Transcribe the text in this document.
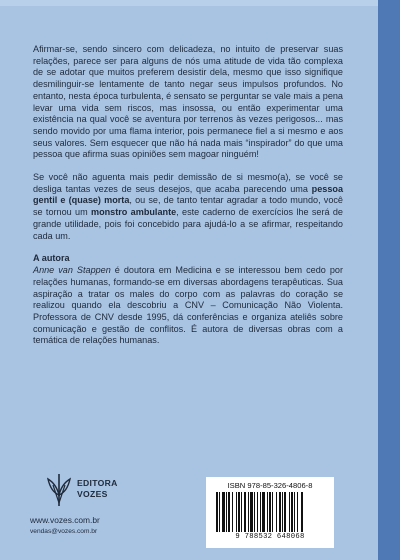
Afirmar-se, sendo sincero com delicadeza, no intuito de preservar suas relações, parece ser para alguns de nós uma atitude de vida tão complexa de se adotar que muitos preferem desistir dela, mesmo que isso signifique desmilinguir-se lentamente de tanto negar seus impulsos profundos. No entanto, nesta época turbulenta, é sensato se perguntar se vale mais a pena levar uma vida sem riscos, mas insossa, ou então experimentar uma existência na qual você se aventura por terrenos às vezes perigosos... mas sendo movido por uma flama interior, pois permanece fiel a si mesmo e aos seus valores. Sem esquecer que não há nada mais “inspirador” do que uma pessoa que afirma suas opiniões sem magoar ninguém!

Se você não aguenta mais pedir demissão de si mesmo(a), se você se desliga tantas vezes de seus desejos, que acaba parecendo uma pessoa gentil e (quase) morta, ou se, de tanto tentar agradar a todo mundo, você se tornou um monstro ambulante, este caderno de exercícios lhe será de grande utilidade, pois foi concebido para ajudá-lo a se afirmar, respeitando cada um.

A autora

Anne van Stappen é doutora em Medicina e se interessou bem cedo por relações humanas, formando-se em diversas abordagens terapêuticas. Sua aspiração a tratar os males do corpo com as palavras do coração se realizou quando ela descobriu a CNV – Comunicação Não Violenta. Professora de CNV desde 1995, dá conferências e organiza ateliês sobre comunicação e gestão de conflitos. É autora de diversas obras com a temática de relações humanas.

EDITORA
VOZES
www.vozes.com.br
vendas@vozes.com.br
ISBN 978-85-326-4806-8
9 788532 648068
